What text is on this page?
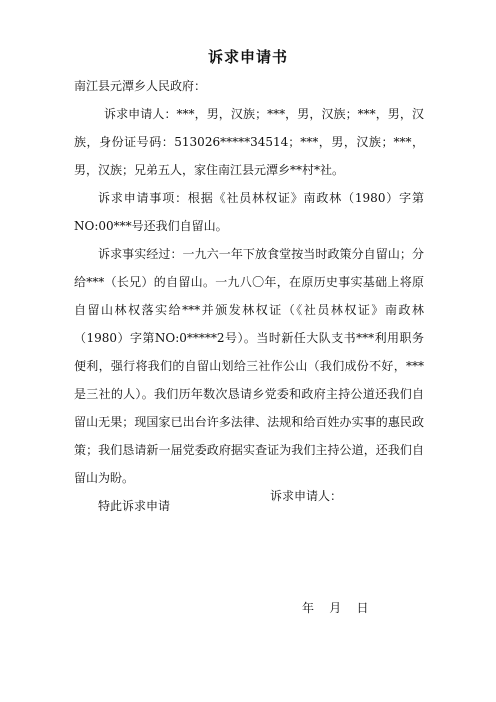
诉求申请书

南江县元潭乡人民政府：

诉求申请人：***，男，汉族；***，男，汉族；***，男，汉族，身份证号码：513026*****34514；***，男，汉族；***，男，汉族；兄弟五人，家住南江县元潭乡**村*社。

诉求申请事项：根据《社员林权证》南政林（1980）字第NO:00***号还我们自留山。

诉求事实经过：一九六一年下放食堂按当时政策分自留山；分给***（长兄）的自留山。一九八〇年，在原历史事实基础上将原自留山林权落实给***并颁发林权证（《社员林权证》南政林（1980）字第NO:0*****2号）。当时新任大队支书***利用职务便利，强行将我们的自留山划给三社作公山（我们成份不好，***是三社的人）。我们历年数次恳请乡党委和政府主持公道还我们自留山无果；现国家已出台许多法律、法规和给百姓办实事的惠民政策；我们恳请新一届党委政府据实查证为我们主持公道，还我们自留山为盼。

特此诉求申请

诉求申请人：
年    月    日
